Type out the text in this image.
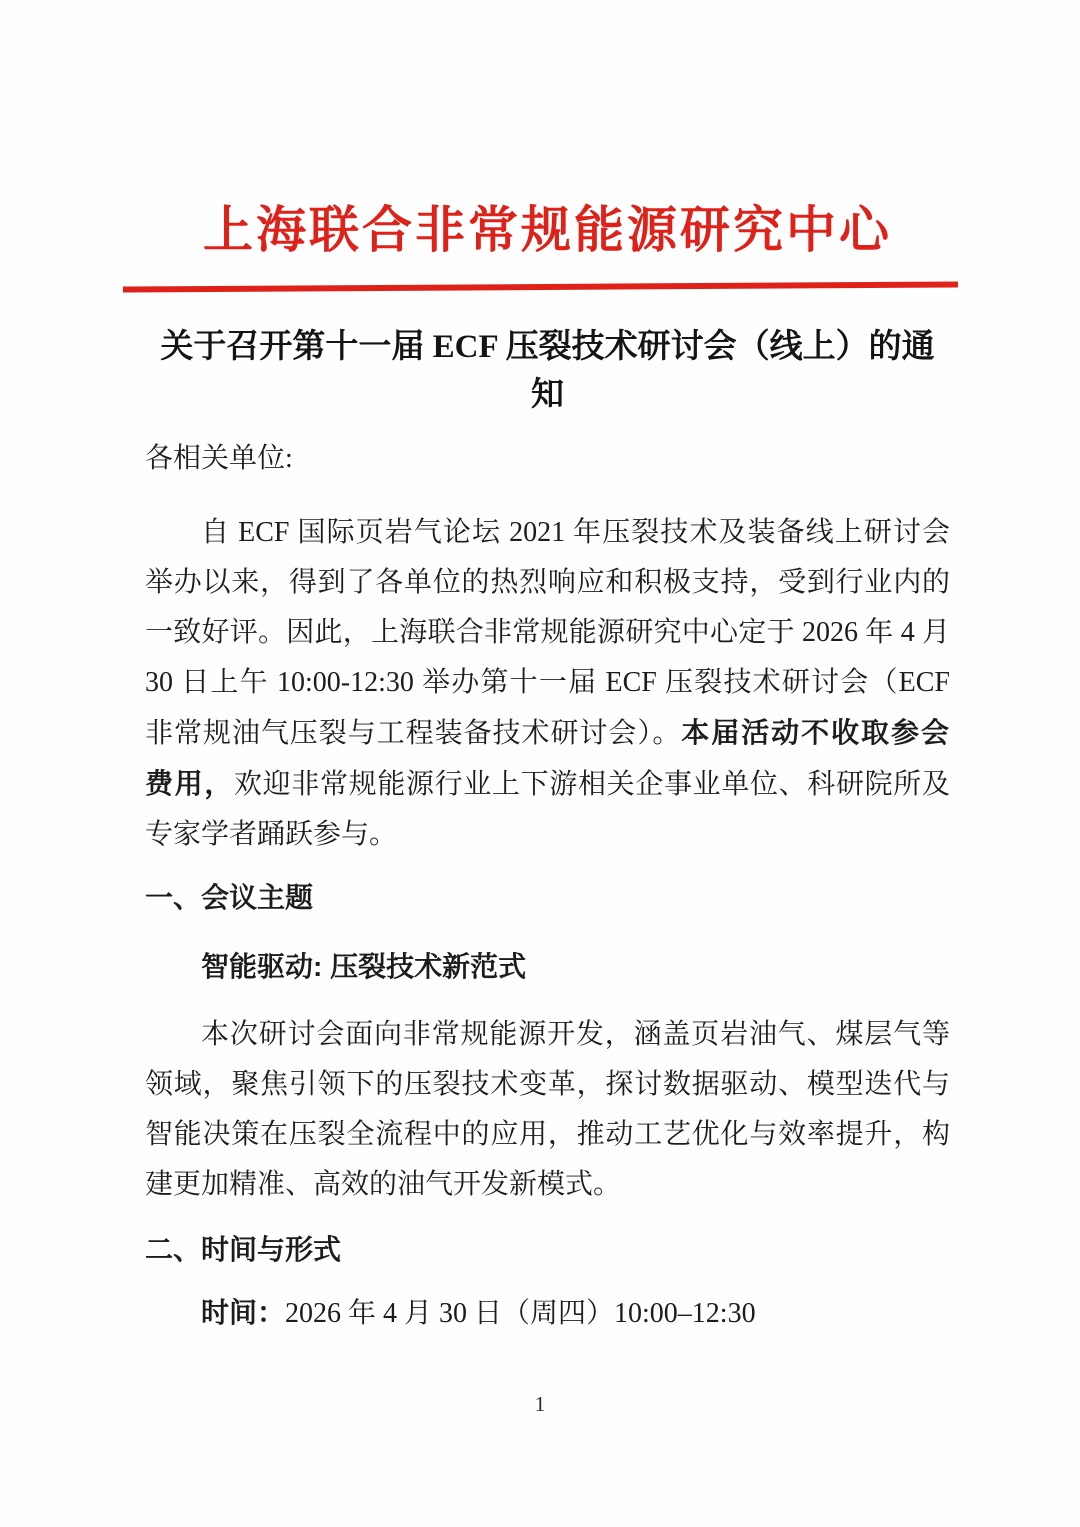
上海联合非常规能源研究中心
关于召开第十一届 ECF 压裂技术研讨会（线上）的通知
各相关单位:

自 ECF 国际页岩气论坛 2021 年压裂技术及装备线上研讨会举办以来，得到了各单位的热烈响应和积极支持，受到行业内的一致好评。因此，上海联合非常规能源研究中心定于 2026 年 4 月 30 日上午 10:00-12:30 举办第十一届 ECF 压裂技术研讨会（ECF 非常规油气压裂与工程装备技术研讨会）。本届活动不收取参会费用，欢迎非常规能源行业上下游相关企事业单位、科研院所及专家学者踊跃参与。

一、会议主题
智能驱动: 压裂技术新范式

本次研讨会面向非常规能源开发，涵盖页岩油气、煤层气等领域，聚焦引领下的压裂技术变革，探讨数据驱动、模型迭代与智能决策在压裂全流程中的应用，推动工艺优化与效率提升，构建更加精准、高效的油气开发新模式。

二、时间与形式
时间：2026 年 4 月 30 日（周四）10:00–12:30
1
